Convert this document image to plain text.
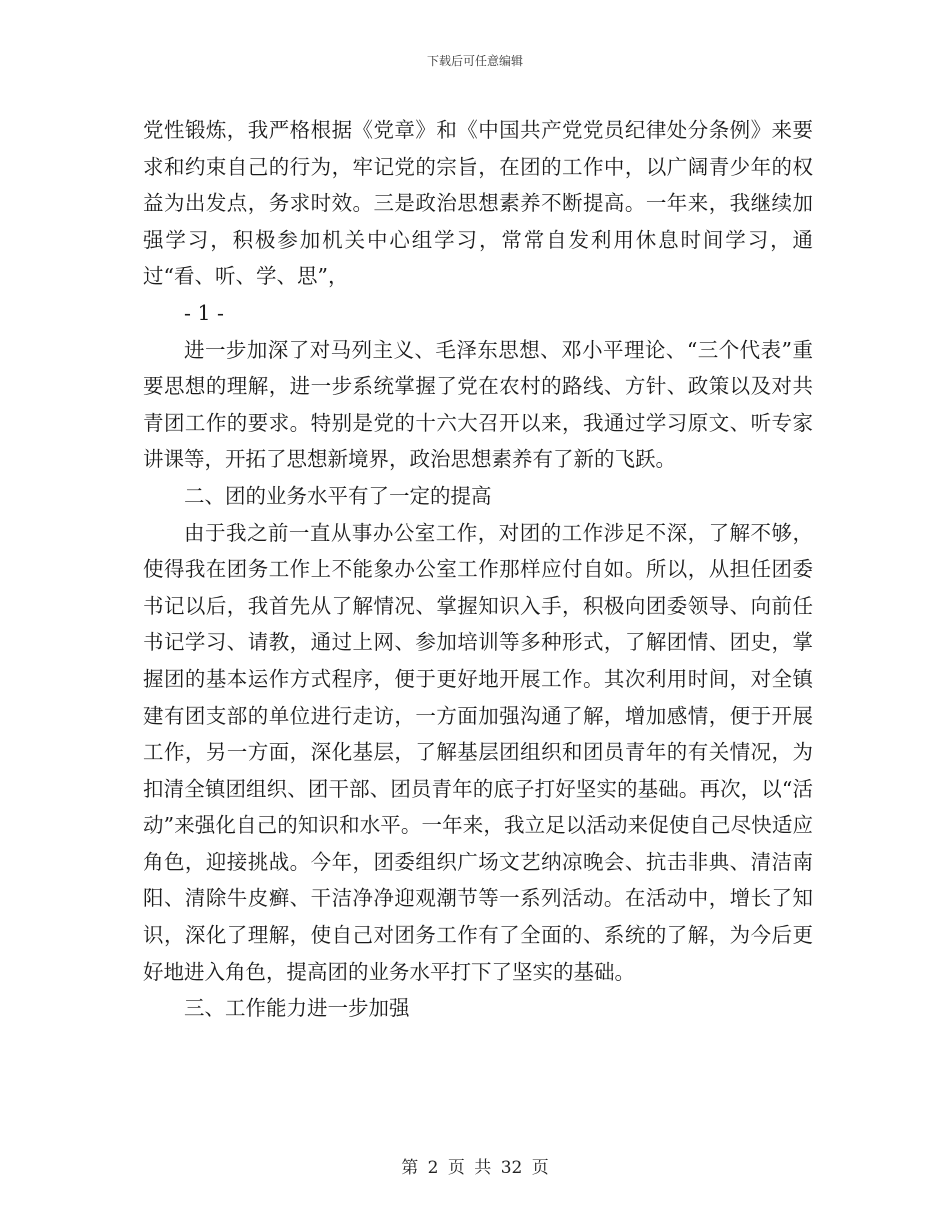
下载后可任意编辑

党性锻炼，我严格根据《党章》和《中国共产党党员纪律处分条例》来要求和约束自己的行为，牢记党的宗旨，在团的工作中，以广阔青少年的权益为出发点，务求时效。三是政治思想素养不断提高。一年来，我继续加强学习，积极参加机关中心组学习，常常自发利用休息时间学习，通过“看、听、学、思”，

- 1 -

进一步加深了对马列主义、毛泽东思想、邓小平理论、“三个代表”重要思想的理解，进一步系统掌握了党在农村的路线、方针、政策以及对共青团工作的要求。特别是党的十六大召开以来，我通过学习原文、听专家讲课等，开拓了思想新境界，政治思想素养有了新的飞跃。

二、团的业务水平有了一定的提高

由于我之前一直从事办公室工作，对团的工作涉足不深，了解不够，使得我在团务工作上不能象办公室工作那样应付自如。所以，从担任团委书记以后，我首先从了解情况、掌握知识入手，积极向团委领导、向前任书记学习、请教，通过上网、参加培训等多种形式，了解团情、团史，掌握团的基本运作方式程序，便于更好地开展工作。其次利用时间，对全镇建有团支部的单位进行走访，一方面加强沟通了解，增加感情，便于开展工作，另一方面，深化基层，了解基层团组织和团员青年的有关情况，为扣清全镇团组织、团干部、团员青年的底子打好坚实的基础。再次，以“活动”来强化自己的知识和水平。一年来，我立足以活动来促使自己尽快适应角色，迎接挑战。今年，团委组织广场文艺纳凉晚会、抗击非典、清洁南阳、清除牛皮癣、干洁净净迎观潮节等一系列活动。在活动中，增长了知识，深化了理解，使自己对团务工作有了全面的、系统的了解，为今后更好地进入角色，提高团的业务水平打下了坚实的基础。

三、工作能力进一步加强

第 2 页 共 32 页
